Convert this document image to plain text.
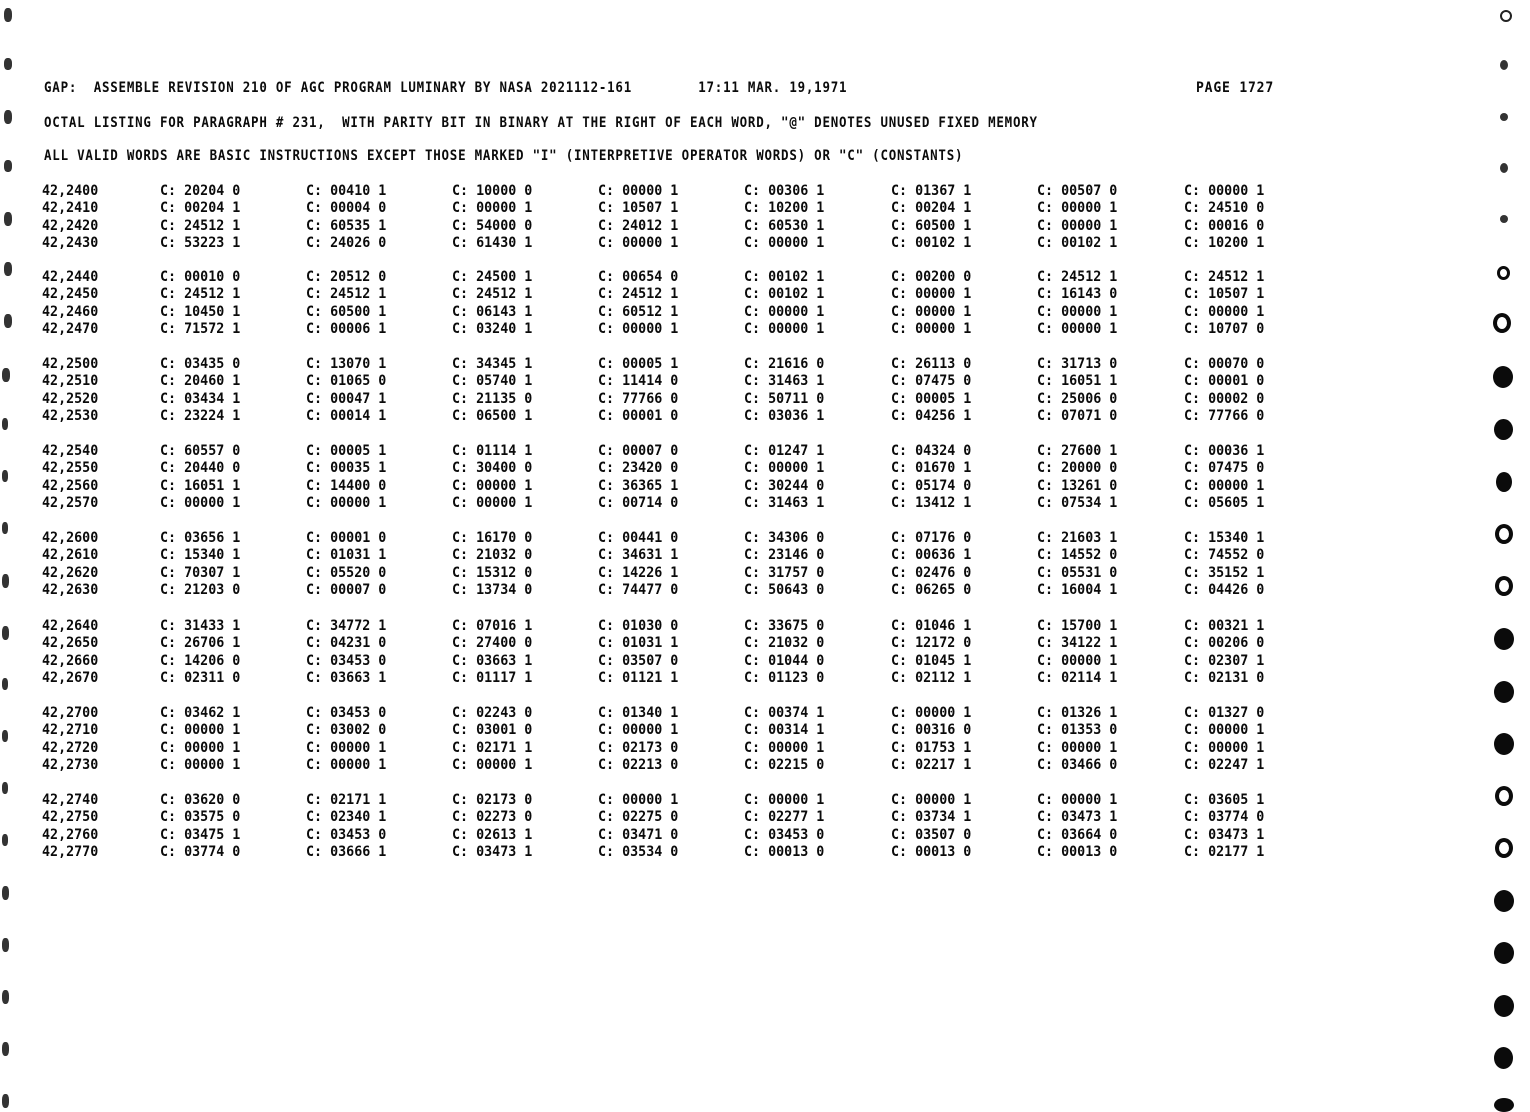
GAP:  ASSEMBLE REVISION 210 OF AGC PROGRAM LUMINARY BY NASA 2021112-161        17:11 MAR. 19,1971	PAGE 1727
OCTAL LISTING FOR PARAGRAPH # 231,  WITH PARITY BIT IN BINARY AT THE RIGHT OF EACH WORD, "@" DENOTES UNUSED FIXED MEMORY
ALL VALID WORDS ARE BASIC INSTRUCTIONS EXCEPT THOSE MARKED "I" (INTERPRETIVE OPERATOR WORDS) OR "C" (CONSTANTS)
42,2400	C: 20204 0	C: 00410 1	C: 10000 0	C: 00000 1	C: 00306 1	C: 01367 1	C: 00507 0	C: 00000 1
42,2410	C: 00204 1	C: 00004 0	C: 00000 1	C: 10507 1	C: 10200 1	C: 00204 1	C: 00000 1	C: 24510 0
42,2420	C: 24512 1	C: 60535 1	C: 54000 0	C: 24012 1	C: 60530 1	C: 60500 1	C: 00000 1	C: 00016 0
42,2430	C: 53223 1	C: 24026 0	C: 61430 1	C: 00000 1	C: 00000 1	C: 00102 1	C: 00102 1	C: 10200 1
42,2440	C: 00010 0	C: 20512 0	C: 24500 1	C: 00654 0	C: 00102 1	C: 00200 0	C: 24512 1	C: 24512 1
42,2450	C: 24512 1	C: 24512 1	C: 24512 1	C: 24512 1	C: 00102 1	C: 00000 1	C: 16143 0	C: 10507 1
42,2460	C: 10450 1	C: 60500 1	C: 06143 1	C: 60512 1	C: 00000 1	C: 00000 1	C: 00000 1	C: 00000 1
42,2470	C: 71572 1	C: 00006 1	C: 03240 1	C: 00000 1	C: 00000 1	C: 00000 1	C: 00000 1	C: 10707 0
42,2500	C: 03435 0	C: 13070 1	C: 34345 1	C: 00005 1	C: 21616 0	C: 26113 0	C: 31713 0	C: 00070 0
42,2510	C: 20460 1	C: 01065 0	C: 05740 1	C: 11414 0	C: 31463 1	C: 07475 0	C: 16051 1	C: 00001 0
42,2520	C: 03434 1	C: 00047 1	C: 21135 0	C: 77766 0	C: 50711 0	C: 00005 1	C: 25006 0	C: 00002 0
42,2530	C: 23224 1	C: 00014 1	C: 06500 1	C: 00001 0	C: 03036 1	C: 04256 1	C: 07071 0	C: 77766 0
42,2540	C: 60557 0	C: 00005 1	C: 01114 1	C: 00007 0	C: 01247 1	C: 04324 0	C: 27600 1	C: 00036 1
42,2550	C: 20440 0	C: 00035 1	C: 30400 0	C: 23420 0	C: 00000 1	C: 01670 1	C: 20000 0	C: 07475 0
42,2560	C: 16051 1	C: 14400 0	C: 00000 1	C: 36365 1	C: 30244 0	C: 05174 0	C: 13261 0	C: 00000 1
42,2570	C: 00000 1	C: 00000 1	C: 00000 1	C: 00714 0	C: 31463 1	C: 13412 1	C: 07534 1	C: 05605 1
42,2600	C: 03656 1	C: 00001 0	C: 16170 0	C: 00441 0	C: 34306 0	C: 07176 0	C: 21603 1	C: 15340 1
42,2610	C: 15340 1	C: 01031 1	C: 21032 0	C: 34631 1	C: 23146 0	C: 00636 1	C: 14552 0	C: 74552 0
42,2620	C: 70307 1	C: 05520 0	C: 15312 0	C: 14226 1	C: 31757 0	C: 02476 0	C: 05531 0	C: 35152 1
42,2630	C: 21203 0	C: 00007 0	C: 13734 0	C: 74477 0	C: 50643 0	C: 06265 0	C: 16004 1	C: 04426 0
42,2640	C: 31433 1	C: 34772 1	C: 07016 1	C: 01030 0	C: 33675 0	C: 01046 1	C: 15700 1	C: 00321 1
42,2650	C: 26706 1	C: 04231 0	C: 27400 0	C: 01031 1	C: 21032 0	C: 12172 0	C: 34122 1	C: 00206 0
42,2660	C: 14206 0	C: 03453 0	C: 03663 1	C: 03507 0	C: 01044 0	C: 01045 1	C: 00000 1	C: 02307 1
42,2670	C: 02311 0	C: 03663 1	C: 01117 1	C: 01121 1	C: 01123 0	C: 02112 1	C: 02114 1	C: 02131 0
42,2700	C: 03462 1	C: 03453 0	C: 02243 0	C: 01340 1	C: 00374 1	C: 00000 1	C: 01326 1	C: 01327 0
42,2710	C: 00000 1	C: 03002 0	C: 03001 0	C: 00000 1	C: 00314 1	C: 00316 0	C: 01353 0	C: 00000 1
42,2720	C: 00000 1	C: 00000 1	C: 02171 1	C: 02173 0	C: 00000 1	C: 01753 1	C: 00000 1	C: 00000 1
42,2730	C: 00000 1	C: 00000 1	C: 00000 1	C: 02213 0	C: 02215 0	C: 02217 1	C: 03466 0	C: 02247 1
42,2740	C: 03620 0	C: 02171 1	C: 02173 0	C: 00000 1	C: 00000 1	C: 00000 1	C: 00000 1	C: 03605 1
42,2750	C: 03575 0	C: 02340 1	C: 02273 0	C: 02275 0	C: 02277 1	C: 03734 1	C: 03473 1	C: 03774 0
42,2760	C: 03475 1	C: 03453 0	C: 02613 1	C: 03471 0	C: 03453 0	C: 03507 0	C: 03664 0	C: 03473 1
42,2770	C: 03774 0	C: 03666 1	C: 03473 1	C: 03534 0	C: 00013 0	C: 00013 0	C: 00013 0	C: 02177 1
